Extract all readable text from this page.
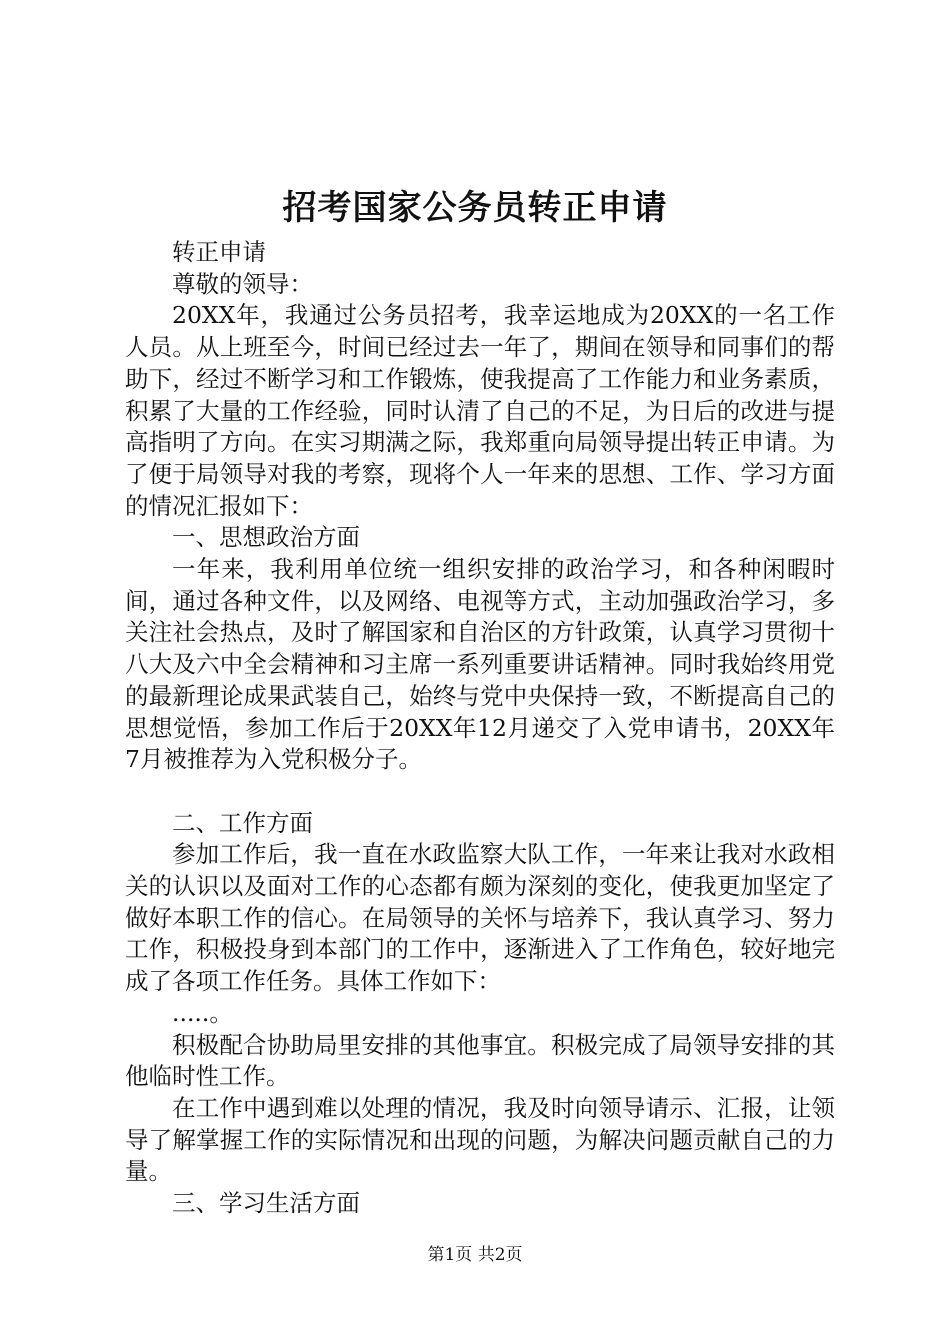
招考国家公务员转正申请

转正申请

尊敬的领导：

20XX年，我通过公务员招考，我幸运地成为20XX的一名工作人员。从上班至今，时间已经过去一年了，期间在领导和同事们的帮助下，经过不断学习和工作锻炼，使我提高了工作能力和业务素质，积累了大量的工作经验，同时认清了自己的不足，为日后的改进与提高指明了方向。在实习期满之际，我郑重向局领导提出转正申请。为了便于局领导对我的考察，现将个人一年来的思想、工作、学习方面的情况汇报如下：

一、思想政治方面

一年来，我利用单位统一组织安排的政治学习，和各种闲暇时间，通过各种文件，以及网络、电视等方式，主动加强政治学习，多关注社会热点，及时了解国家和自治区的方针政策，认真学习贯彻十八大及六中全会精神和习主席一系列重要讲话精神。同时我始终用党的最新理论成果武装自己，始终与党中央保持一致，不断提高自己的思想觉悟，参加工作后于20XX年12月递交了入党申请书，20XX年7月被推荐为入党积极分子。

二、工作方面

参加工作后，我一直在水政监察大队工作，一年来让我对水政相关的认识以及面对工作的心态都有颇为深刻的变化，使我更加坚定了做好本职工作的信心。在局领导的关怀与培养下，我认真学习、努力工作，积极投身到本部门的工作中，逐渐进入了工作角色，较好地完成了各项工作任务。具体工作如下：

.....。

积极配合协助局里安排的其他事宜。积极完成了局领导安排的其他临时性工作。

在工作中遇到难以处理的情况，我及时向领导请示、汇报，让领导了解掌握工作的实际情况和出现的问题，为解决问题贡献自己的力量。

三、学习生活方面

第1页 共2页
